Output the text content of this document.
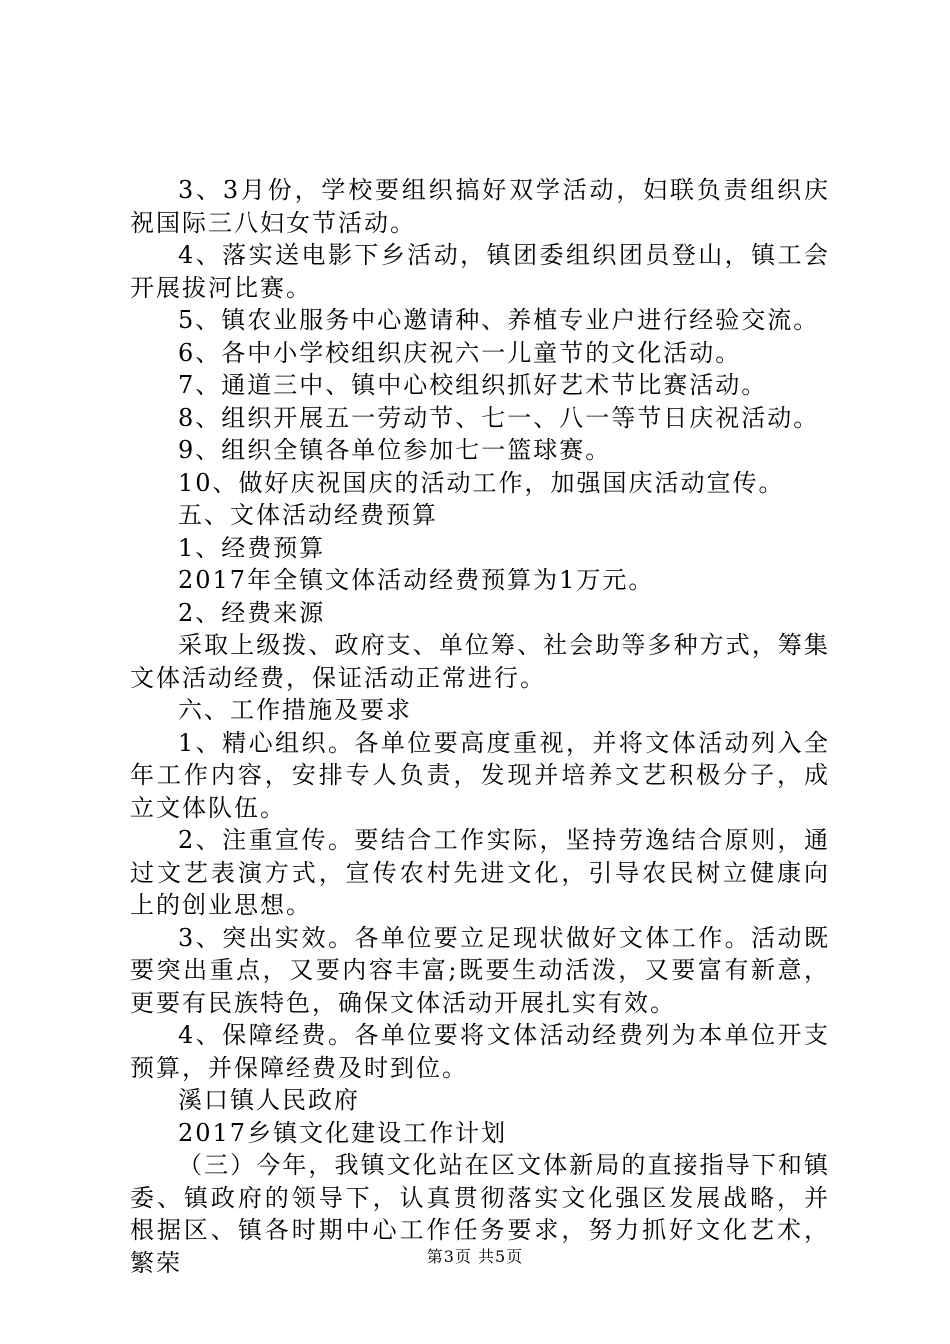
3、3月份，学校要组织搞好双学活动，妇联负责组织庆祝国际三八妇女节活动。

4、落实送电影下乡活动，镇团委组织团员登山，镇工会开展拔河比赛。

5、镇农业服务中心邀请种、养植专业户进行经验交流。

6、各中小学校组织庆祝六一儿童节的文化活动。

7、通道三中、镇中心校组织抓好艺术节比赛活动。

8、组织开展五一劳动节、七一、八一等节日庆祝活动。

9、组织全镇各单位参加七一篮球赛。

10、做好庆祝国庆的活动工作，加强国庆活动宣传。

五、文体活动经费预算

1、经费预算

2017年全镇文体活动经费预算为1万元。

2、经费来源

采取上级拨、政府支、单位筹、社会助等多种方式，筹集文体活动经费，保证活动正常进行。

六、工作措施及要求

1、精心组织。各单位要高度重视，并将文体活动列入全年工作内容，安排专人负责，发现并培养文艺积极分子，成立文体队伍。

2、注重宣传。要结合工作实际，坚持劳逸结合原则，通过文艺表演方式，宣传农村先进文化，引导农民树立健康向上的创业思想。

3、突出实效。各单位要立足现状做好文体工作。活动既要突出重点，又要内容丰富;既要生动活泼，又要富有新意，更要有民族特色，确保文体活动开展扎实有效。

4、保障经费。各单位要将文体活动经费列为本单位开支预算，并保障经费及时到位。

溪口镇人民政府

2017乡镇文化建设工作计划

（三）今年，我镇文化站在区文体新局的直接指导下和镇委、镇政府的领导下，认真贯彻落实文化强区发展战略，并根据区、镇各时期中心工作任务要求，努力抓好文化艺术，繁荣	第3页 共5页
